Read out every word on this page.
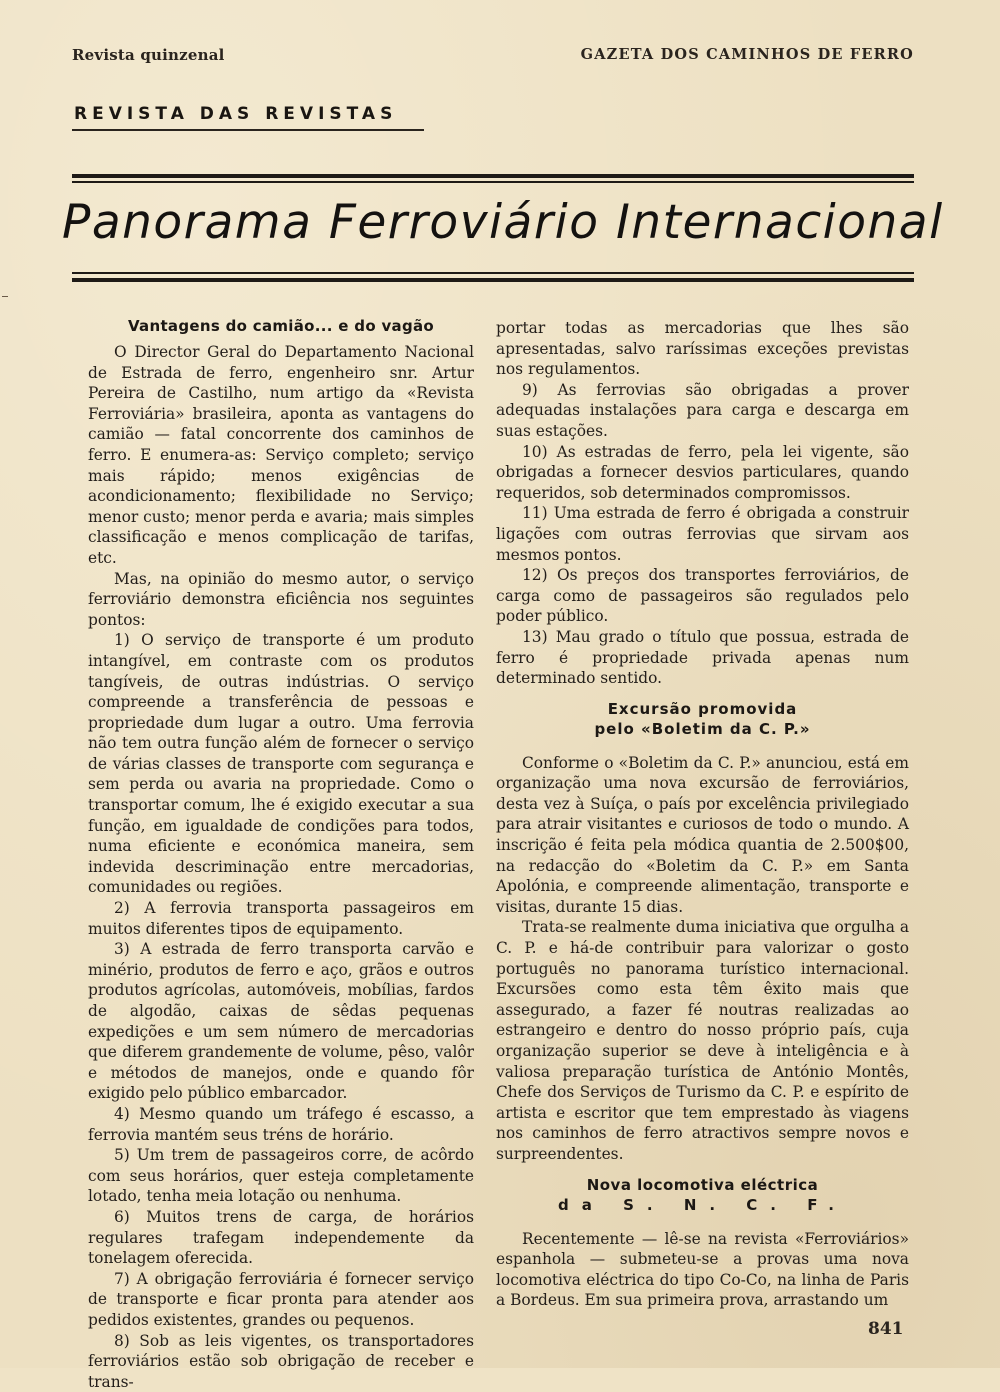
Revista quinzenal	GAZETA DOS CAMINHOS DE FERRO
REVISTA DAS REVISTAS
Panorama Ferroviário Internacional
Vantagens do camião... e do vagão

O Director Geral do Departamento Nacional de Estrada de ferro, engenheiro snr. Artur Pereira de Castilho, num artigo da «Revista Ferroviária» brasileira, aponta as vantagens do camião — fatal concorrente dos caminhos de ferro. E enumera-as: Serviço completo; serviço mais rápido; menos exigências de acondicionamento; flexibilidade no Serviço; menor custo; menor perda e avaria; mais simples classificação e menos complicação de tarifas, etc.

Mas, na opinião do mesmo autor, o serviço ferroviário demonstra eficiência nos seguintes pontos:

1) O serviço de transporte é um produto intangível, em contraste com os produtos tangíveis, de outras indústrias. O serviço compreende a transferência de pessoas e propriedade dum lugar a outro. Uma ferrovia não tem outra função além de fornecer o serviço de várias classes de transporte com segurança e sem perda ou avaria na propriedade. Como o transportar comum, lhe é exigido executar a sua função, em igualdade de condições para todos, numa eficiente e económica maneira, sem indevida descriminação entre mercadorias, comunidades ou regiões.

2) A ferrovia transporta passageiros em muitos diferentes tipos de equipamento.

3) A estrada de ferro transporta carvão e minério, produtos de ferro e aço, grãos e outros produtos agrícolas, automóveis, mobílias, fardos de algodão, caixas de sêdas pequenas expedições e um sem número de mercadorias que diferem grandemente de volume, pêso, valôr e métodos de manejos, onde e quando fôr exigido pelo público embarcador.

4) Mesmo quando um tráfego é escasso, a ferrovia mantém seus tréns de horário.

5) Um trem de passageiros corre, de acôrdo com seus horários, quer esteja completamente lotado, tenha meia lotação ou nenhuma.

6) Muitos trens de carga, de horários regulares trafegam independemente da tonelagem oferecida.

7) A obrigação ferroviária é fornecer serviço de transporte e ficar pronta para atender aos pedidos existentes, grandes ou pequenos.

8) Sob as leis vigentes, os transportadores ferroviários estão sob obrigação de receber e trans-

portar todas as mercadorias que lhes são apresentadas, salvo raríssimas exceções previstas nos regulamentos.

9) As ferrovias são obrigadas a prover adequadas instalações para carga e descarga em suas estações.

10) As estradas de ferro, pela lei vigente, são obrigadas a fornecer desvios particulares, quando requeridos, sob determinados compromissos.

11) Uma estrada de ferro é obrigada a construir ligações com outras ferrovias que sirvam aos mesmos pontos.

12) Os preços dos transportes ferroviários, de carga como de passageiros são regulados pelo poder público.

13) Mau grado o título que possua, estrada de ferro é propriedade privada apenas num determinado sentido.

Excursão promovida
pelo «Boletim da C. P.»

Conforme o «Boletim da C. P.» anunciou, está em organização uma nova excursão de ferroviários, desta vez à Suíça, o país por excelência privilegiado para atrair visitantes e curiosos de todo o mundo. A inscrição é feita pela módica quantia de 2.500$00, na redacção do «Boletim da C. P.» em Santa Apolónia, e compreende alimentação, transporte e visitas, durante 15 dias.

Trata-se realmente duma iniciativa que orgulha a C. P. e há-de contribuir para valorizar o gosto português no panorama turístico internacional. Excursões como esta têm êxito mais que assegurado, a fazer fé noutras realizadas ao estrangeiro e dentro do nosso próprio país, cuja organização superior se deve à inteligência e à valiosa preparação turística de António Montês, Chefe dos Serviços de Turismo da C. P. e espírito de artista e escritor que tem emprestado às viagens nos caminhos de ferro atractivos sempre novos e surpreendentes.

Nova locomotiva eléctrica
da S. N. C. F.

Recentemente — lê-se na revista «Ferroviários» espanhola — submeteu-se a provas uma nova locomotiva eléctrica do tipo Co-Co, na linha de Paris a Bordeus. Em sua primeira prova, arrastando um

841
